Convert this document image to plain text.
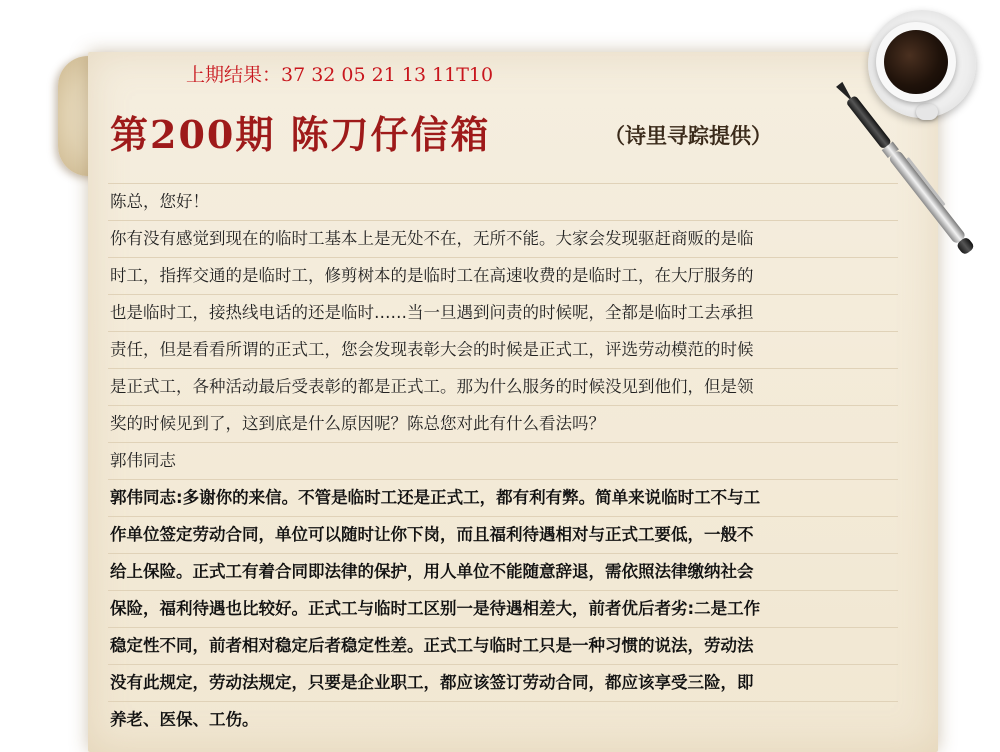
上期结果：37 32 05 21 13 11T10
第200期 陈刀仔信箱	（诗里寻踪提供）
陈总，您好！
你有没有感觉到现在的临时工基本上是无处不在，无所不能。大家会发现驱赶商贩的是临
时工，指挥交通的是临时工，修剪树本的是临时工在高速收费的是临时工，在大厅服务的
也是临时工，接热线电话的还是临时……当一旦遇到问责的时候呢，全都是临时工去承担
责任，但是看看所谓的正式工，您会发现表彰大会的时候是正式工，评选劳动模范的时候
是正式工，各种活动最后受表彰的都是正式工。那为什么服务的时候没见到他们，但是领
奖的时候见到了，这到底是什么原因呢？陈总您对此有什么看法吗？
郭伟同志
郭伟同志:多谢你的来信。不管是临时工还是正式工，都有利有弊。简单来说临时工不与工
作单位签定劳动合同，单位可以随时让你下岗，而且福利待遇相对与正式工要低，一般不
给上保险。正式工有着合同即法律的保护，用人单位不能随意辞退，需依照法律缴纳社会
保险，福利待遇也比较好。正式工与临时工区别一是待遇相差大，前者优后者劣:二是工作
稳定性不同，前者相对稳定后者稳定性差。正式工与临时工只是一种习惯的说法，劳动法
没有此规定，劳动法规定，只要是企业职工，都应该签订劳动合同，都应该享受三险，即
养老、医保、工伤。
